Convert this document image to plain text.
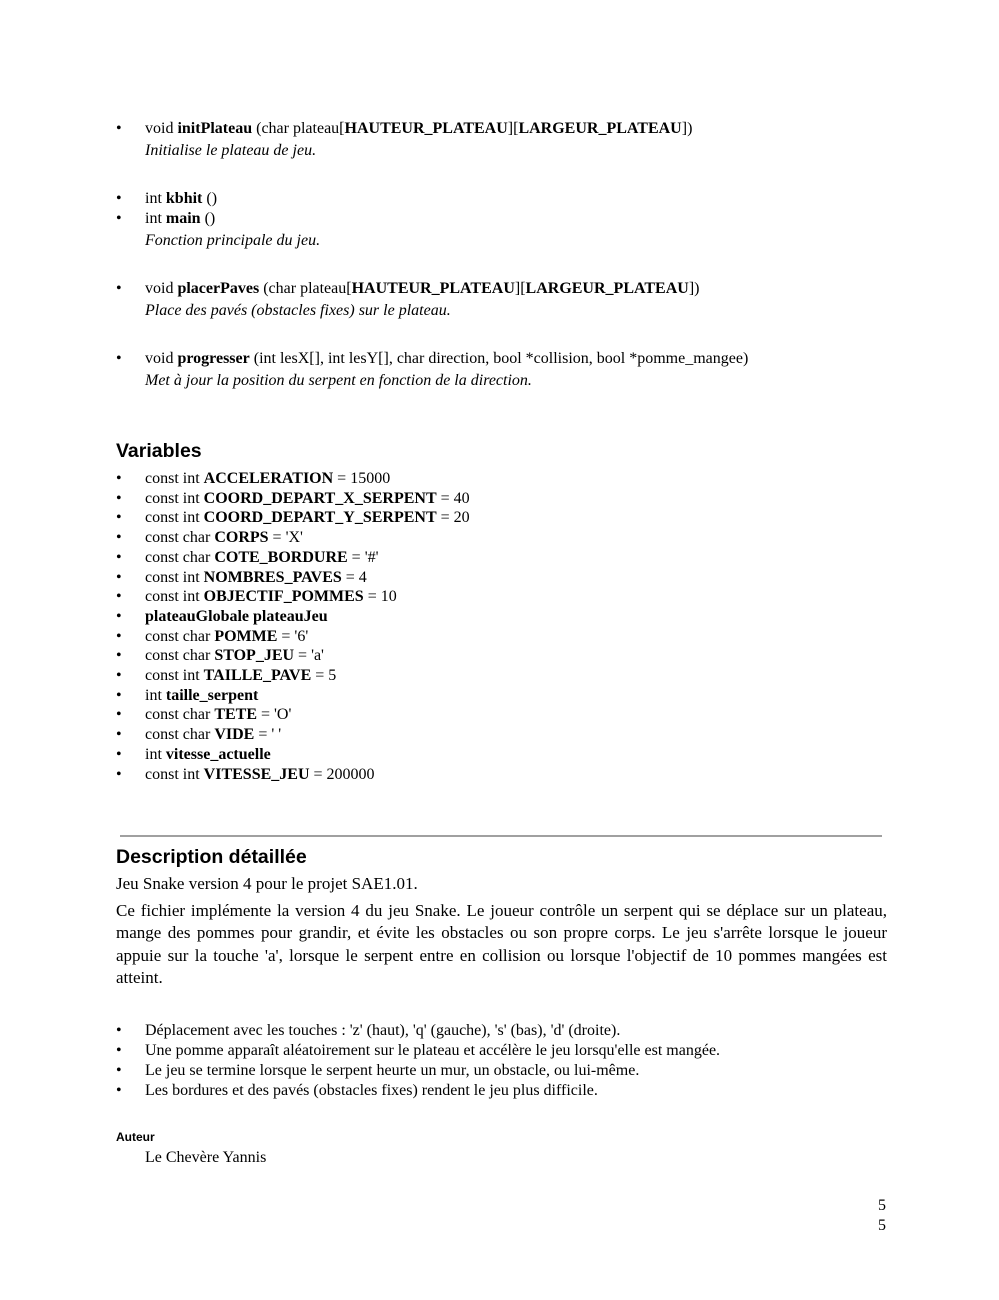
• void initPlateau (char plateau[HAUTEUR_PLATEAU][LARGEUR_PLATEAU])
Initialise le plateau de jeu.
• int kbhit ()
• int main ()
Fonction principale du jeu.
• void placerPaves (char plateau[HAUTEUR_PLATEAU][LARGEUR_PLATEAU])
Place des pavés (obstacles fixes) sur le plateau.
• void progresser (int lesX[], int lesY[], char direction, bool *collision, bool *pomme_mangee)
Met à jour la position du serpent en fonction de la direction.
Variables
• const int ACCELERATION = 15000
• const int COORD_DEPART_X_SERPENT = 40
• const int COORD_DEPART_Y_SERPENT = 20
• const char CORPS = 'X'
• const char COTE_BORDURE = '#'
• const int NOMBRES_PAVES = 4
• const int OBJECTIF_POMMES = 10
• plateauGlobale plateauJeu
• const char POMME = '6'
• const char STOP_JEU = 'a'
• const int TAILLE_PAVE = 5
• int taille_serpent
• const char TETE = 'O'
• const char VIDE = ' '
• int vitesse_actuelle
• const int VITESSE_JEU = 200000
Description détaillée

Jeu Snake version 4 pour le projet SAE1.01.

Ce fichier implémente la version 4 du jeu Snake. Le joueur contrôle un serpent qui se déplace sur un plateau, mange des pommes pour grandir, et évite les obstacles ou son propre corps. Le jeu s'arrête lorsque le joueur appuie sur la touche 'a', lorsque le serpent entre en collision ou lorsque l'objectif de 10 pommes mangées est atteint.

• Déplacement avec les touches : 'z' (haut), 'q' (gauche), 's' (bas), 'd' (droite).
• Une pomme apparaît aléatoirement sur le plateau et accélère le jeu lorsqu'elle est mangée.
• Le jeu se termine lorsque le serpent heurte un mur, un obstacle, ou lui-même.
• Les bordures et des pavés (obstacles fixes) rendent le jeu plus difficile.
Auteur
Le Chevère Yannis
5
5
